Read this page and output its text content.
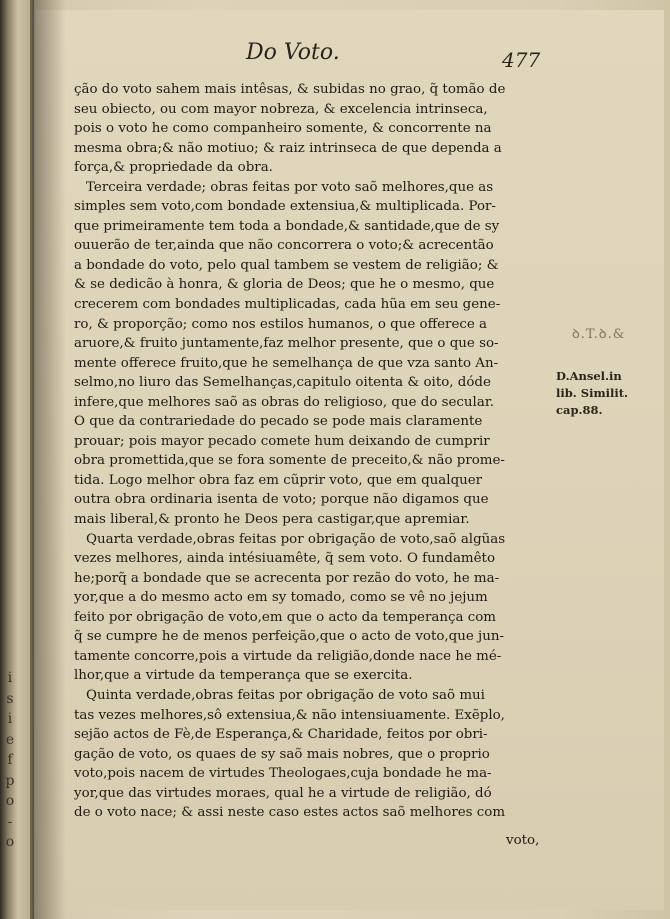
i
s
i
e
f
p
o
-
o
Do Voto.	477
ção do voto sahem mais intêsas, & subidas no grao, q̃ tomão de
seu obiecto, ou com mayor nobreza, & excelencia intrinseca,
pois o voto he como companheiro somente, & concorrente na
mesma obra;& não motiuo; & raiz intrinseca de que dependa a
força,& propriedade da obra.
Terceira verdade; obras feitas por voto saõ melhores,que as
simples sem voto,com bondade extensiua,& multiplicada. Por-
que primeiramente tem toda a bondade,& santidade,que de sy
ouuerão de ter,ainda que não concorrera o voto;& acrecentão
a bondade do voto, pelo qual tambem se vestem de religião; &
& se dedicão à honra, & gloria de Deos; que he o mesmo, que
crecerem com bondades multiplicadas, cada hũa em seu gene-
ro, & proporção; como nos estilos humanos, o que offerece a
aruore,& fruito juntamente,faz melhor presente, que o que so-
mente offerece fruito,que he semelhança de que vza santo An-
selmo,no liuro das Semelhanças,capitulo oitenta & oito, dóde
infere,que melhores saõ as obras do religioso, que do secular.
O que da contrariedade do pecado se pode mais claramente
prouar; pois mayor pecado comete hum deixando de cumprir
obra promettida,que se fora somente de preceito,& não prome-
tida. Logo melhor obra faz em cũprir voto, que em qualquer
outra obra ordinaria isenta de voto; porque não digamos que
mais liberal,& pronto he Deos pera castigar,que apremiar.
Quarta verdade,obras feitas por obrigação de voto,saõ algũas
vezes melhores, ainda intésiuamête, q̃ sem voto. O fundamêto
he;porq̃ a bondade que se acrecenta por rezão do voto, he ma-
yor,que a do mesmo acto em sy tomado, como se vê no jejum
feito por obrigação de voto,em que o acto da temperança com
q̃ se cumpre he de menos perfeição,que o acto de voto,que jun-
tamente concorre,pois a virtude da religião,donde nace he mé-
lhor,que a virtude da temperança que se exercita.
Quinta verdade,obras feitas por obrigação de voto saõ mui
tas vezes melhores,sô extensiua,& não intensiuamente. Exẽplo,
sejão actos de Fè,de Esperança,& Charidade, feitos por obri-
gação de voto, os quaes de sy saõ mais nobres, que o proprio
voto,pois nacem de virtudes Theologaes,cuja bondade he ma-
yor,que das virtudes moraes, qual he a virtude de religião, dó
de o voto nace; & assi neste caso estes actos saõ melhores com
voto,
ꝺ.T.ꝺ.&
D.Ansel.in
lib. Similit.
cap.88.
